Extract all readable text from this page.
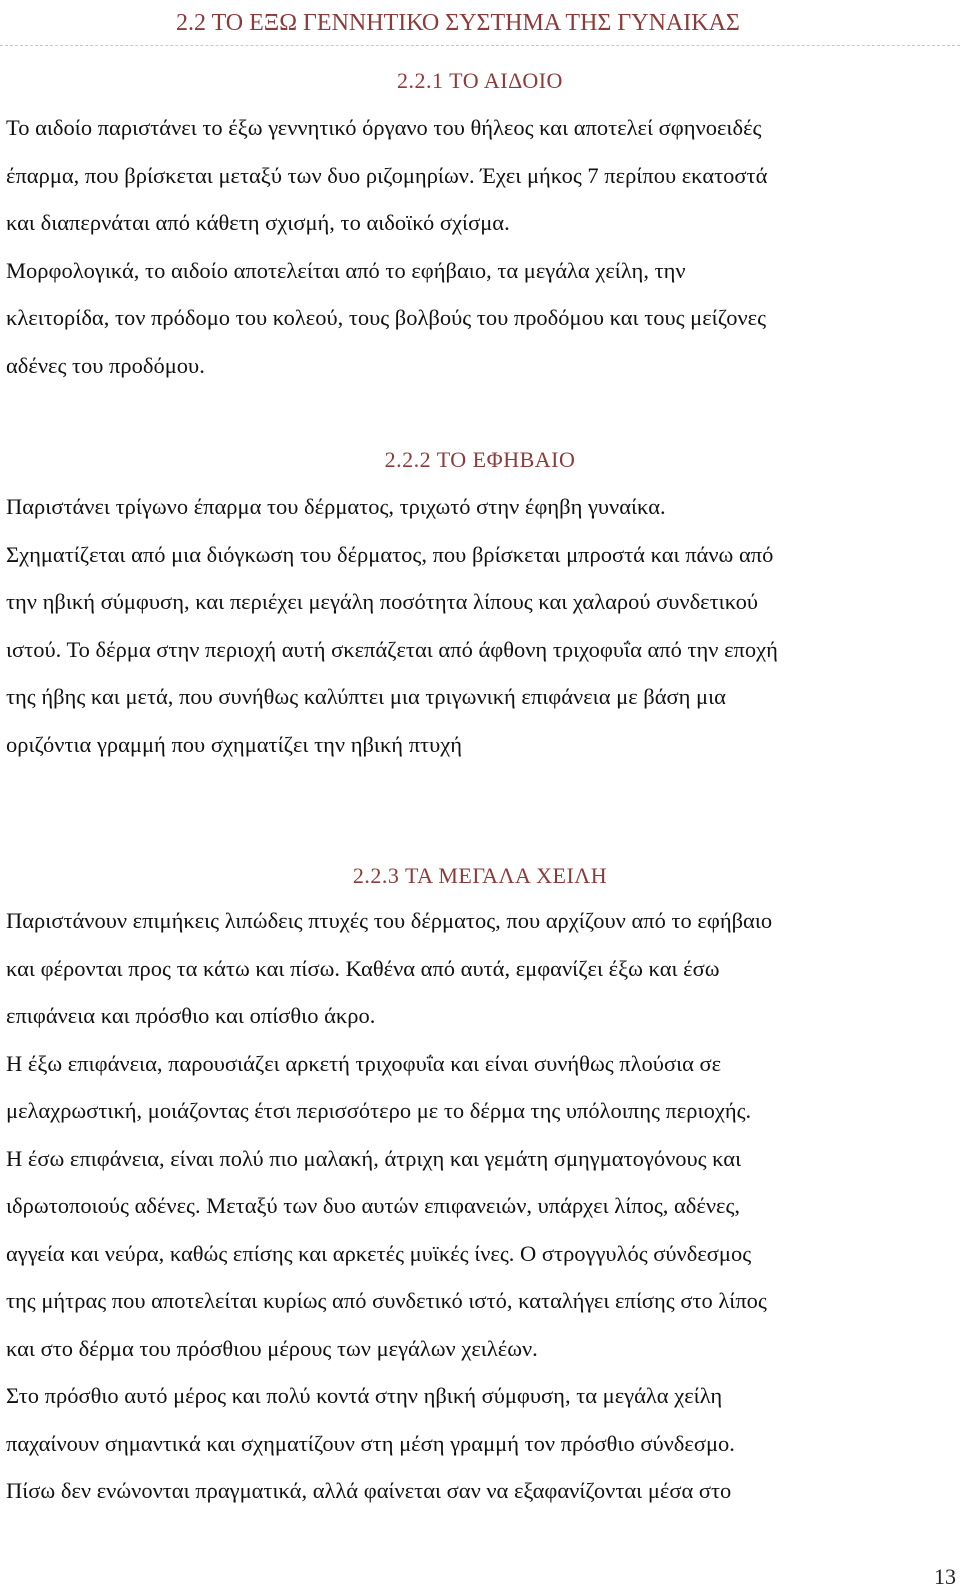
2.2 ΤΟ ΕΞΩ ΓΕΝΝΗΤΙΚΟ ΣΥΣΤΗΜΑ ΤΗΣ ΓΥΝΑΙΚΑΣ
2.2.1 ΤΟ ΑΙΔΟΙΟ

Το αιδοίο παριστάνει το έξω γεννητικό όργανο του θήλεος και αποτελεί σφηνοειδές
έπαρμα, που βρίσκεται μεταξύ των δυο ριζομηρίων. Έχει μήκος 7 περίπου εκατοστά
και διαπερνάται από κάθετη σχισμή, το αιδοϊκό σχίσμα.
Μορφολογικά, το αιδοίο αποτελείται από το εφήβαιο, τα μεγάλα χείλη, την
κλειτορίδα, τον πρόδομο του κολεού, τους βολβούς του προδόμου και τους μείζονες
αδένες του προδόμου.

2.2.2 ΤΟ ΕΦΗΒΑΙΟ

Παριστάνει τρίγωνο έπαρμα του δέρματος, τριχωτό στην έφηβη γυναίκα.
Σχηματίζεται από μια διόγκωση του δέρματος, που βρίσκεται μπροστά και πάνω από
την ηβική σύμφυση, και περιέχει μεγάλη ποσότητα λίπους και χαλαρού συνδετικού
ιστού. Το δέρμα στην περιοχή αυτή σκεπάζεται από άφθονη τριχοφυΐα από την εποχή
της ήβης και μετά, που συνήθως καλύπτει μια τριγωνική επιφάνεια με βάση μια
οριζόντια γραμμή που σχηματίζει την ηβική πτυχή

2.2.3 ΤΑ ΜΕΓΑΛΑ ΧΕΙΛΗ

Παριστάνουν επιμήκεις λιπώδεις πτυχές του δέρματος, που αρχίζουν από το εφήβαιο
και φέρονται προς τα κάτω και πίσω. Καθένα από αυτά, εμφανίζει έξω και έσω
επιφάνεια και πρόσθιο και οπίσθιο άκρο.
Η έξω επιφάνεια, παρουσιάζει αρκετή τριχοφυΐα και είναι συνήθως πλούσια σε
μελαχρωστική, μοιάζοντας έτσι περισσότερο με το δέρμα της υπόλοιπης περιοχής.
Η έσω επιφάνεια, είναι πολύ πιο μαλακή, άτριχη και γεμάτη σμηγματογόνους και
ιδρωτοποιούς αδένες. Μεταξύ των δυο αυτών επιφανειών, υπάρχει λίπος, αδένες,
αγγεία και νεύρα, καθώς επίσης και αρκετές μυϊκές ίνες. Ο στρογγυλός σύνδεσμος
της μήτρας που αποτελείται κυρίως από συνδετικό ιστό, καταλήγει επίσης στο λίπος
και στο δέρμα του πρόσθιου μέρους των μεγάλων χειλέων.
Στο πρόσθιο αυτό μέρος και πολύ κοντά στην ηβική σύμφυση, τα μεγάλα χείλη
παχαίνουν σημαντικά και σχηματίζουν στη μέση γραμμή τον πρόσθιο σύνδεσμο.
Πίσω δεν ενώνονται πραγματικά, αλλά φαίνεται σαν να εξαφανίζονται μέσα στο

13
